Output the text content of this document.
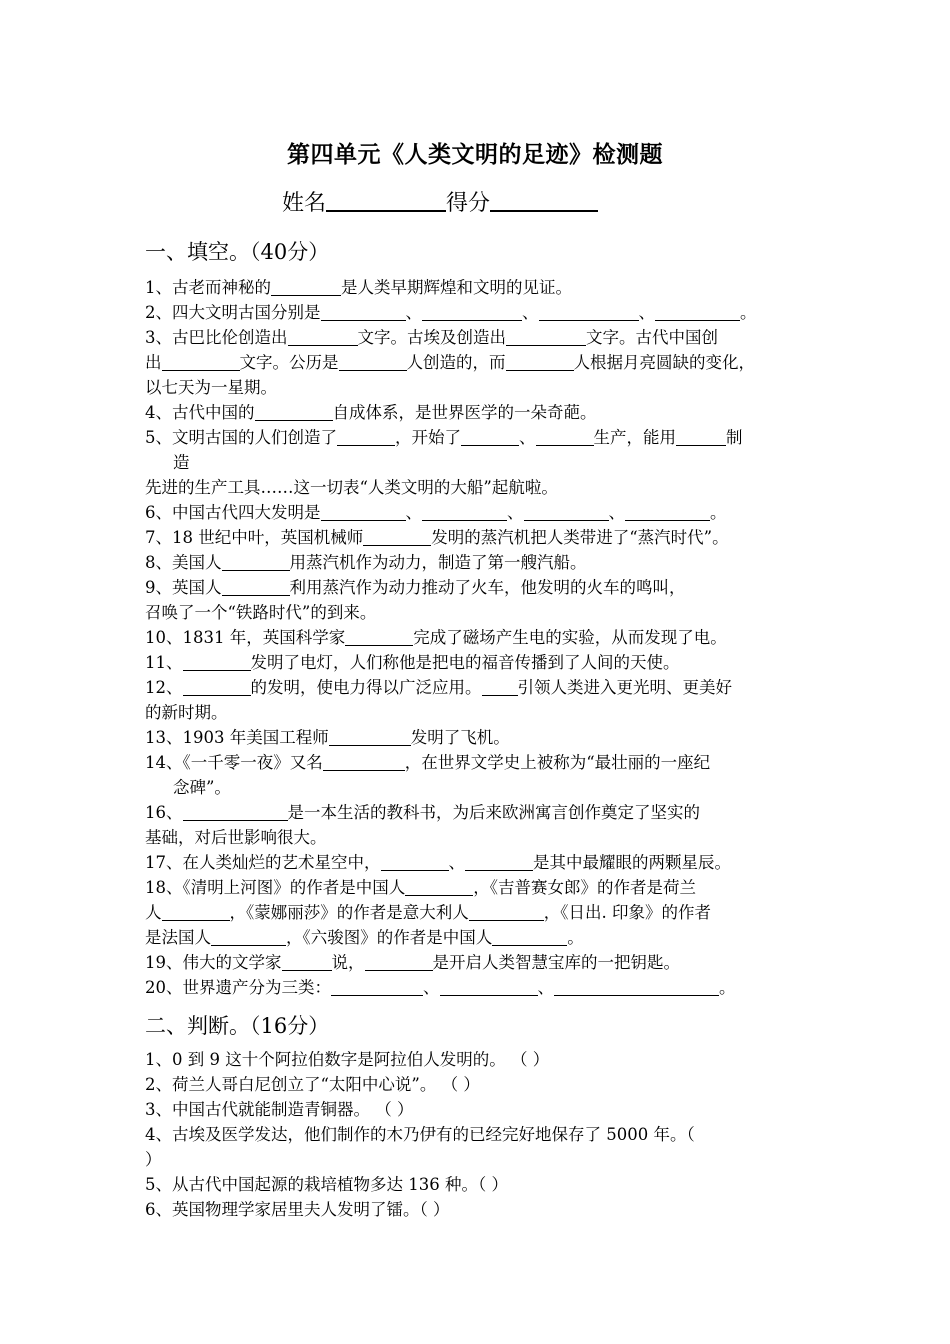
第四单元《人类文明的足迹》检测题
姓名	得分
一、填空。（40分）
1、古老而神秘的	是人类早期辉煌和文明的见证。
2、四大文明古国分别是	、	、	、	。
3、古巴比伦创造出	文字。古埃及创造出	文字。古代中国创
出	文字。公历是	人创造的，而	人根据月亮圆缺的变化，
以七天为一星期。
4、古代中国的	自成体系，是世界医学的一朵奇葩。
5、文明古国的人们创造了	，开始了	、	生产，能用	制
造
先进的生产工具……这一切表“人类文明的大船”起航啦。
6、中国古代四大发明是	、	、	、	。
7、18 世纪中叶，英国机械师	发明的蒸汽机把人类带进了“蒸汽时代”。
8、美国人	用蒸汽机作为动力，制造了第一艘汽船。
9、英国人	利用蒸汽作为动力推动了火车，他发明的火车的鸣叫，
召唤了一个“铁路时代”的到来。
10、1831 年，英国科学家	完成了磁场产生电的实验，从而发现了电。
11、	发明了电灯，人们称他是把电的福音传播到了人间的天使。
12、	的发明，使电力得以广泛应用。 引领人类进入更光明、更美好
的新时期。
13、1903 年美国工程师	发明了飞机。
14、《一千零一夜》又名	，在世界文学史上被称为“最壮丽的一座纪
念碑”。
16、	是一本生活的教科书，为后来欧洲寓言创作奠定了坚实的
基础，对后世影响很大。
17、在人类灿烂的艺术星空中，	、	是其中最耀眼的两颗星辰。
18、《清明上河图》的作者是中国人	，《吉普赛女郎》的作者是荷兰
人	，《蒙娜丽莎》的作者是意大利人	，《日出. 印象》的作者
是法国人	，《六骏图》的作者是中国人	。
19、伟大的文学家	说，	是开启人类智慧宝库的一把钥匙。
20、世界遗产分为三类：	、	、	。
二、判断。（16分）
1、0 到 9 这十个阿拉伯数字是阿拉伯人发明的。 （ ）
2、荷兰人哥白尼创立了“太阳中心说”。 （ ）
3、中国古代就能制造青铜器。 （ ）
4、古埃及医学发达，他们制作的木乃伊有的已经完好地保存了 5000 年。（
）
5、从古代中国起源的栽培植物多达 136 种。（ ）
6、英国物理学家居里夫人发明了镭。（ ）
